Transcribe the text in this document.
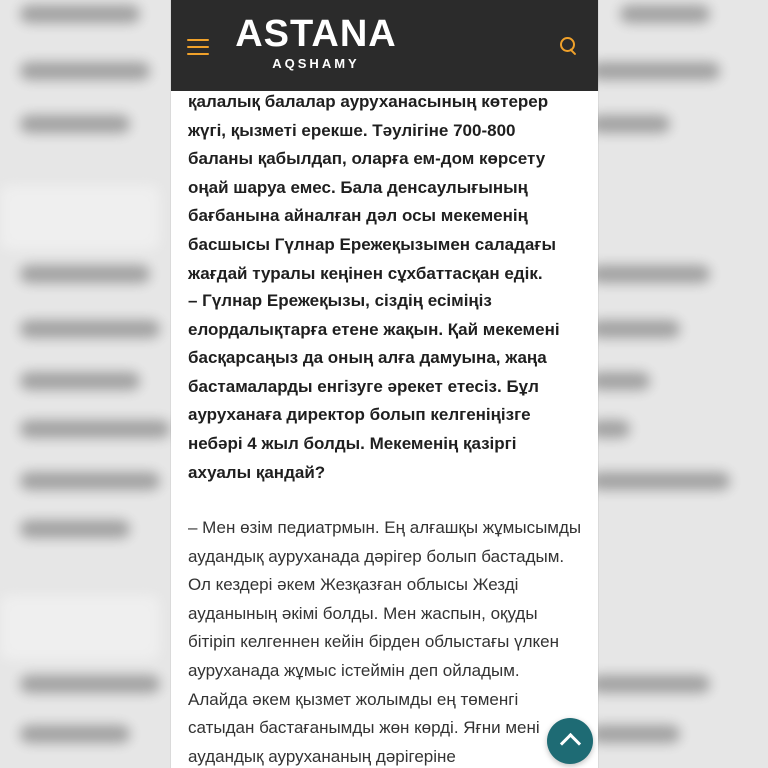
ASTANA
AQSHAMY

қалалық балалар ауруханасының көтерер жүгі, қызметі ерекше. Тәулігіне 700-800 баланы қабылдап, оларға ем-дом көрсету оңай шаруа емес. Бала денсаулығының бағбанына айналған дәл осы мекеменің басшысы Гүлнар Ережеқызымен саладағы жағдай туралы кеңінен сұхбаттасқан едік.

– Гүлнар Ережеқызы, сіздің есіміңіз елордалықтарға етене жақын. Қай мекемені басқарсаңыз да оның алға дамуына, жаңа бастамаларды енгізуге әрекет етесіз. Бұл ауруханаға директор болып келгеніңізге небәрі 4 жыл болды. Мекеменің қазіргі ахуалы қандай?

– Мен өзім педиатрмын. Ең алғашқы жұмысымды аудандық ауруханада дәрігер болып бастадым. Ол кездері әкем Жезқазған облысы Жезді ауданының әкімі болды. Мен жаспын, оқуды бітіріп келгеннен кейін бірден облыстағы үлкен ауруханада жұмыс істеймін деп ойладым. Алайда әкем қызмет жолымды ең төменгі сатыдан бастағанымды жөн көрді. Яғни мені аудандық аурухананың дәрігеріне
